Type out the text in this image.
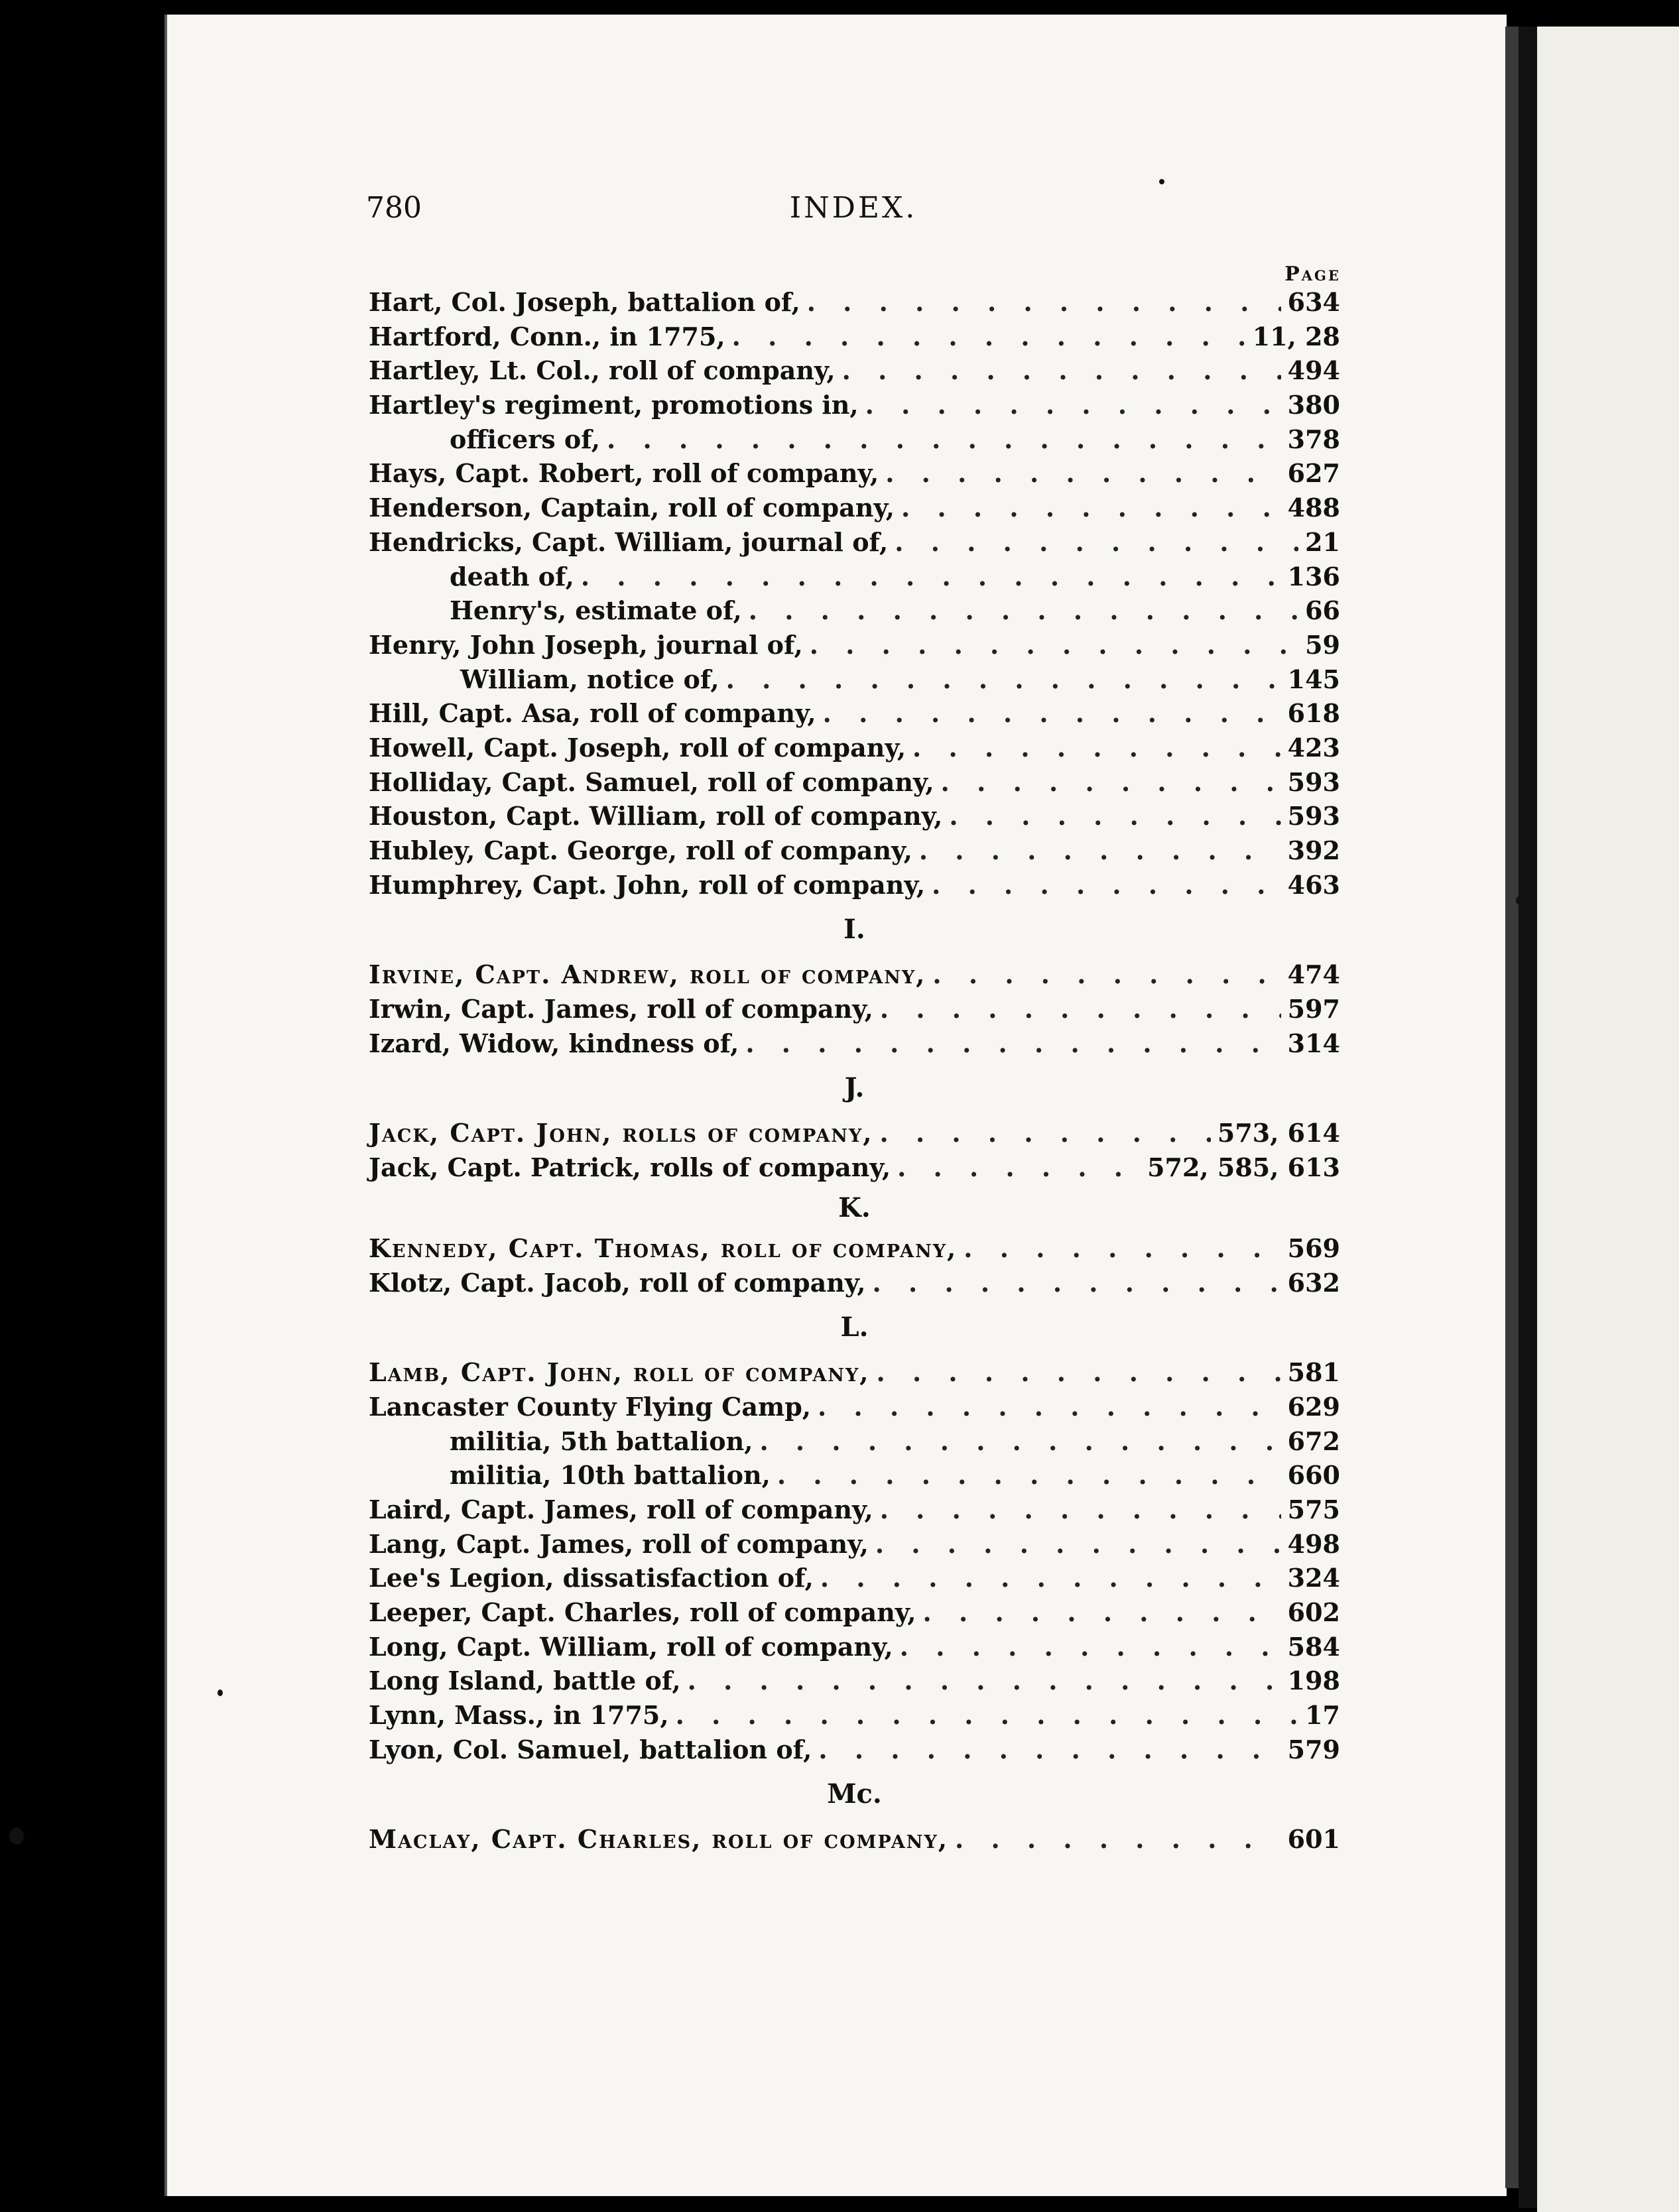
780	INDEX.
Page
Hart, Col. Joseph, battalion of, . . .	634
Hartford, Conn., in 1775, . . .	11, 28
Hartley, Lt. Col., roll of company, . . .	494
Hartley's regiment, promotions in, . . .	380
officers of, . . .	378
Hays, Capt. Robert, roll of company, . . .	627
Henderson, Captain, roll of company, . . .	488
Hendricks, Capt. William, journal of, . . .	21
death of, . . .	136
Henry's, estimate of, . . .	66
Henry, John Joseph, journal of, . . .	59
William, notice of, . . .	145
Hill, Capt. Asa, roll of company, . . .	618
Howell, Capt. Joseph, roll of company, . . .	423
Holliday, Capt. Samuel, roll of company, . . .	593
Houston, Capt. William, roll of company, . . .	593
Hubley, Capt. George, roll of company, . . .	392
Humphrey, Capt. John, roll of company, . . .	463
I.
Irvine, Capt. Andrew, roll of company, . . .	474
Irwin, Capt. James, roll of company, . . .	597
Izard, Widow, kindness of, . . .	314
J.
Jack, Capt. John, rolls of company, . . .	573, 614
Jack, Capt. Patrick, rolls of company, . . .	572, 585, 613
K.
Kennedy, Capt. Thomas, roll of company, . . .	569
Klotz, Capt. Jacob, roll of company, . . .	632
L.
Lamb, Capt. John, roll of company, . . .	581
Lancaster County Flying Camp, . . .	629
militia, 5th battalion, . . .	672
militia, 10th battalion, . . .	660
Laird, Capt. James, roll of company, . . .	575
Lang, Capt. James, roll of company, . . .	498
Lee's Legion, dissatisfaction of, . . .	324
Leeper, Capt. Charles, roll of company, . . .	602
Long, Capt. William, roll of company, . . .	584
Long Island, battle of, . . .	198
Lynn, Mass., in 1775, . . .	17
Lyon, Col. Samuel, battalion of, . . .	579
Mc.
Maclay, Capt. Charles, roll of company, . . .	601
